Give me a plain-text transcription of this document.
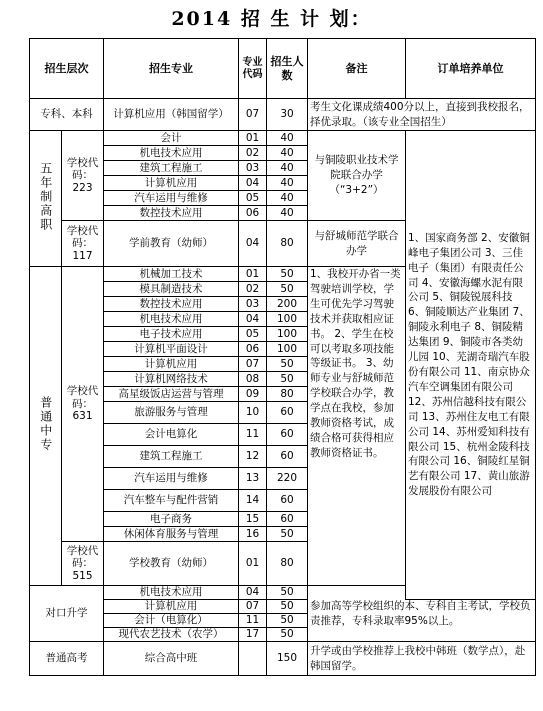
2014 招 生 计 划：
招生层次		招生专业	专业代码	招生人数	备注	订单培养单位
专科、本科		计算机应用（韩国留学）	07	30	考生文化课成绩400分以上，直接到我校报名，择优录取。（该专业全国招生）	
五年制高职	学校代码：223	会计	01	40	与铜陵职业技术学院联合办学（“3+2”）	1、国家商务部 2、安徽铜峰电子集团公司 3、三佳电子（集团）有限责任公司 4、安徽海螺水泥有限公司 5、铜陵锐展科技 6、铜陵顺达产业集团 7、铜陵永利电子 8、铜陵精达集团 9、铜陵市各类幼儿园 10、芜湖奇瑞汽车股份有限公司 11、南京协众汽车空调集团有限公司 12、苏州信越科技有限公司 13、苏州住友电工有限公司 14、苏州爱知科技有限公司 15、杭州金陵科技有限公司 16、铜陵红星铜艺有限公司 17、黄山旅游发展股份有限公司
		机电技术应用	02	40		
		建筑工程施工	03	40		
		计算机应用	04	40		
		汽车运用与维修	05	40		
		数控技术应用	06	40		
	学校代码：117	学前教育（幼师）	04	80	与舒城师范学联合办学	
普通中专	学校代码：631	机械加工技术	01	50	1、我校开办省一类驾驶培训学校，学生可优先学习驾驶技术并获取相应证书。 2、学生在校可以考取多项技能等级证书。 3、幼师专业与舒城师范学校联合办学，教学点在我校，参加教师资格考试，成绩合格可获得相应教师资格证书。	
		模具制造技术	02	50		
		数控技术应用	03	200		
		机电技术应用	04	100		
		电子技术应用	05	100		
		计算机平面设计	06	100		
		计算机应用	07	50		
		计算机网络技术	08	50		
		高星级饭店运营与管理	09	80		
		旅游服务与管理	10	60		
		会计电算化	11	60		
		建筑工程施工	12	60		
		汽车运用与维修	13	220		
		汽车整车与配件营销	14	60		
		电子商务	15	60		
		休闲体育服务与管理	16	50		
	学校代码：515	学校教育（幼师）	01	80		
对口升学		机电技术应用	04	50	参加高等学校组织的本、专科自主考试，学校负责推荐，专科录取率95%以上。	
		计算机应用	07	50		
		会计（电算化）	11	50		
		现代农艺技术（农学）	17	50		
普通高考		综合高中班		150	升学或由学校推荐上我校中韩班（数学点），赴韩国留学。	
